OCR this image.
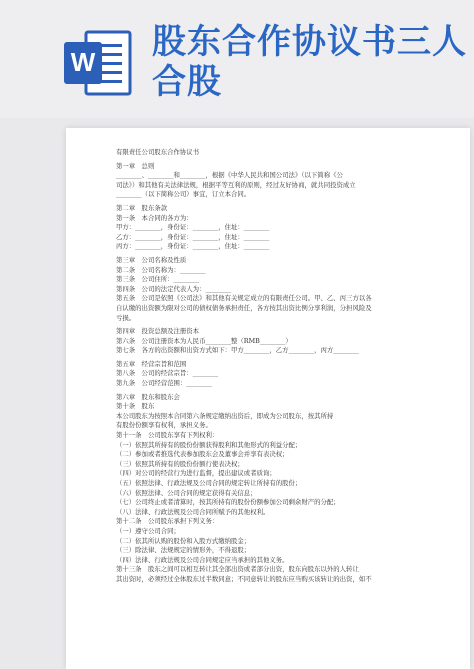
W 股东合作协议书三人合股

有限责任公司股东合作协议书

第一章　总则

________、________和________，根据《中华人民共和国公司法》（以下简称《公

司法》）和其他有关法律法规，根据平等互利的原则，经过友好协商，就共同投资成立

________（以下简称公司）事宜，订立本合同。

第二章　股东条款

第一条　本合同的各方为：

甲方：________，身份证：________，住址：________

乙方：________，身份证：________，住址：________

丙方：________，身份证：________，住址：________

第三章　公司名称及性质

第二条　公司名称为：________

第三条　公司住所：________

第四条　公司的法定代表人为：________

第五条　公司是依照《公司法》和其他有关规定成立的有限责任公司。甲、乙、丙三方以各

自认缴的出资额为限对公司的债权债务承担责任，各方按其出资比例分享利润，分担风险及

亏损。

第四章　投资总额及注册资本

第六条　公司注册资本为人民币________整（RMB________）

第七条　各方的出资额和出资方式如下：甲方________，乙方________，丙方________

第五章　经营宗旨和范围

第八条　公司的经营宗旨：________

第九条　公司经营范围：________

第六章　股东和股东会

第十条　股东

本公司股东为按照本合同第六条规定缴纳出资后，即成为公司股东，按其所持

有股份份额享有权利，承担义务。

第十一条　公司股东享有下列权利：

（一）依照其所持有的股份份额获得股利和其他形式的利益分配；

（二）参加或者推选代表参加股东会及董事会并享有表决权；

（三）依照其所持有的股份份额行使表决权；

（四）对公司的经营行为进行监督，提出建议或者质询；

（五）依照法律、行政法规及公司合同的规定转让所持有的股份；

（六）依照法律、公司合同的规定获得有关信息；

（七）公司终止或者清算时，按其所持有的股份份额参加公司剩余财产的分配；

（八）法律、行政法规及公司合同所赋予的其他权利。

第十二条　公司股东承担下列义务：

（一）遵守公司合同；

（二）依其所认购的股份和入股方式缴纳股金；

（三）除法律、法规规定的情形外，不得退股；

（四）法律、行政法规及公司合同规定应当承担的其他义务。

第十三条　股东之间可以相互转让其全部出资或者部分出资，股东向股东以外的人转让

其出资时，必须经过全体股东过半数同意；不同意转让的股东应当购买该转让的出资，如不
